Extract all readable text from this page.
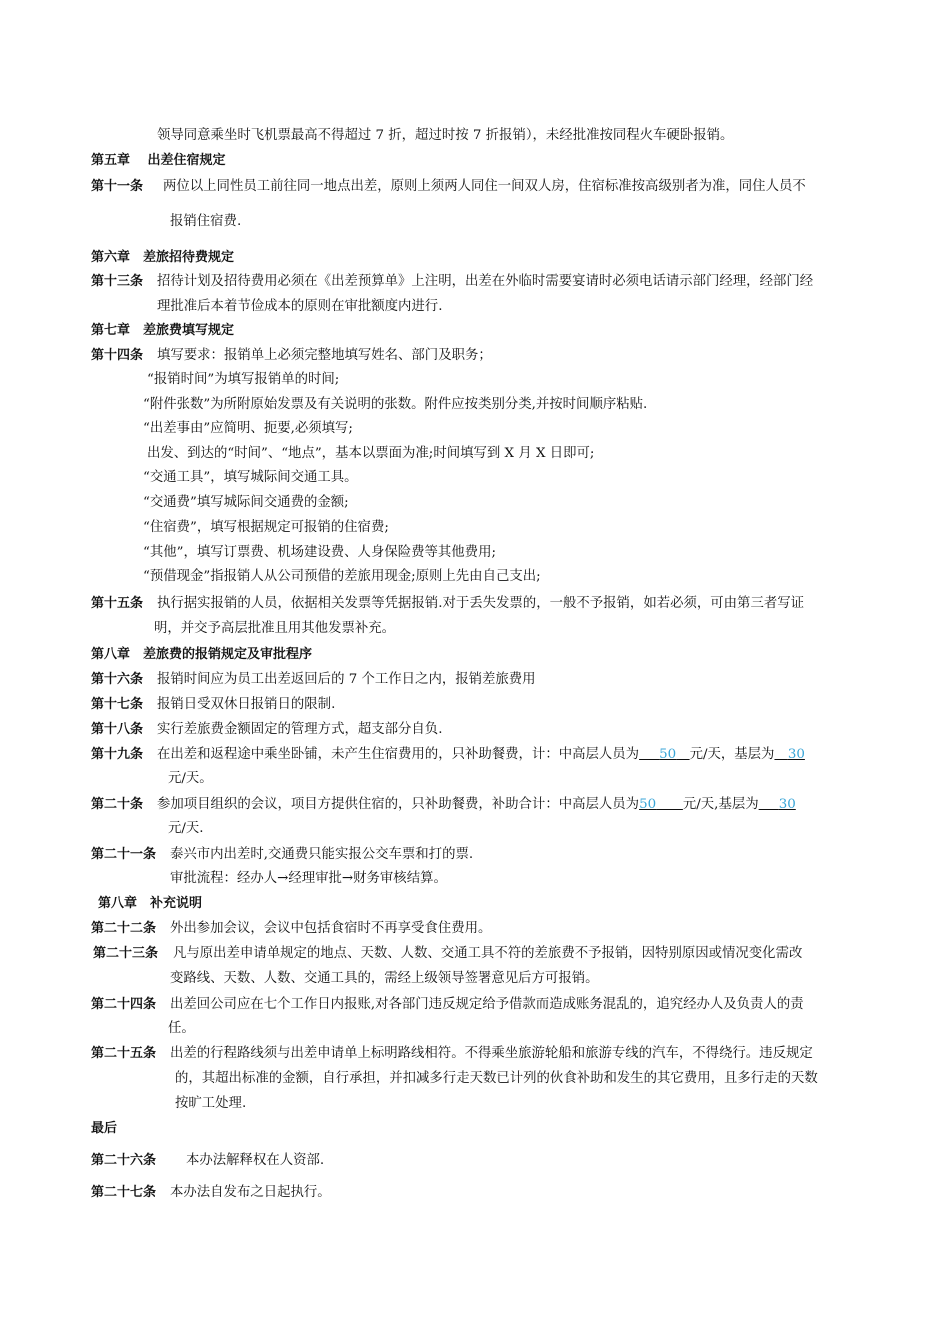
领导同意乘坐时飞机票最高不得超过 7 折，超过时按 7 折报销），未经批准按同程火车硬卧报销。
第五章　 出差住宿规定
第十一条 两位以上同性员工前往同一地点出差，原则上须两人同住一间双人房，住宿标准按高级别者为准，同住人员不
报销住宿费.
第六章　差旅招待费规定
第十三条 招待计划及招待费用必须在《出差预算单》上注明，出差在外临时需要宴请时必须电话请示部门经理，经部门经
理批准后本着节俭成本的原则在审批额度内进行.
第七章　差旅费填写规定
第十四条 填写要求：报销单上必须完整地填写姓名、部门及职务；
“报销时间”为填写报销单的时间;
“附件张数”为所附原始发票及有关说明的张数。附件应按类别分类,并按时间顺序粘贴.
“出差事由”应简明、扼要,必须填写;
出发、到达的“时间”、“地点”，基本以票面为准;时间填写到 X 月 X 日即可;
“交通工具”，填写城际间交通工具。
“交通费”填写城际间交通费的金额;
“住宿费”，填写根据规定可报销的住宿费;
“其他”，填写订票费、机场建设费、人身保险费等其他费用;
“预借现金”指报销人从公司预借的差旅用现金;原则上先由自己支出;
第十五条 执行据实报销的人员，依据相关发票等凭据报销.对于丢失发票的，一般不予报销，如若必须，可由第三者写证
明，并交予高层批准且用其他发票补充。
第八章　差旅费的报销规定及审批程序
第十六条 报销时间应为员工出差返回后的 7 个工作日之内，报销差旅费用
第十七条 报销日受双休日报销日的限制.
第十八条 实行差旅费金额固定的管理方式，超支部分自负.
第十九条 在出差和返程途中乘坐卧铺，未产生住宿费用的，只补助餐费，计：中高层人员为    50   元/天，基层为   30
元/天。
第二十条 参加项目组织的会议，项目方提供住宿的，只补助餐费，补助合计：中高层人员为50     元/天,基层为    30
元/天.
第二十一条 泰兴市内出差时,交通费只能实报公交车票和打的票.
审批流程：经办人→经理审批→财务审核结算。
第八章　补充说明
第二十二条 外出参加会议，会议中包括食宿时不再享受食住费用。
第二十三条 凡与原出差申请单规定的地点、天数、人数、交通工具不符的差旅费不予报销，因特别原因或情况变化需改
变路线、天数、人数、交通工具的，需经上级领导签署意见后方可报销。
第二十四条 出差回公司应在七个工作日内报账,对各部门违反规定给予借款而造成账务混乱的，追究经办人及负责人的责
任。
第二十五条 出差的行程路线须与出差申请单上标明路线相符。不得乘坐旅游轮船和旅游专线的汽车，不得绕行。违反规定
的，其超出标准的金额，自行承担，并扣减多行走天数已计列的伙食补助和发生的其它费用，且多行走的天数
按旷工处理.
最后
第二十六条 本办法解释权在人资部.
第二十七条 本办法自发布之日起执行。
